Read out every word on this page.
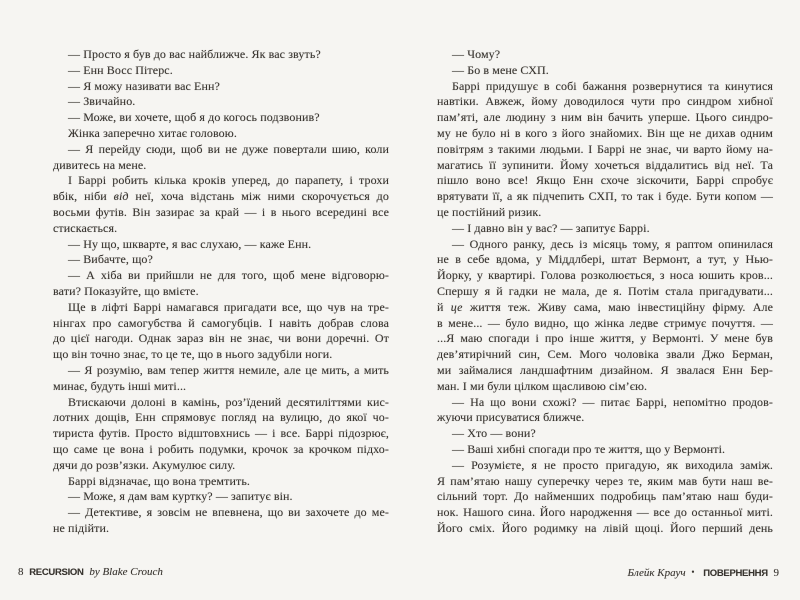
— Просто я був до вас найближче. Як вас звуть?
— Енн Восс Пітерс.
— Я можу називати вас Енн?
— Звичайно.
— Може, ви хочете, щоб я до когось подзвонив?
Жінка заперечно хитає головою.
— Я перейду сюди, щоб ви не дуже повертали шию, коли
дивитесь на мене.
І Баррі робить кілька кроків уперед, до парапету, і трохи
вбік, ніби від неї, хоча відстань між ними скорочується до
восьми футів. Він зазирає за край — і в нього всередині все
стискається.
— Ну що, шкварте, я вас слухаю, — каже Енн.
— Вибачте, що?
— А хіба ви прийшли не для того, щоб мене відговорю-
вати? Показуйте, що вмієте.
Ще в ліфті Баррі намагався пригадати все, що чув на тре-
нінгах про самогубства й самогубців. І навіть добрав слова
до цієї нагоди. Однак зараз він не знає, чи вони доречні. От
що він точно знає, то це те, що в нього задубіли ноги.
— Я розумію, вам тепер життя немиле, але це мить, а мить
минає, будуть інші миті...
Втискаючи долоні в камінь, роз’їдений десятиліттями кис-
лотних дощів, Енн спрямовує погляд на вулицю, до якої чо-
тириста футів. Просто відштовхнись — і все. Баррі підозрює,
що саме це вона і робить подумки, крочок за крочком підхо-
дячи до розв’язки. Акумулює силу.
Баррі відзначає, що вона тремтить.
— Може, я дам вам куртку? — запитує він.
— Детективе, я зовсім не впевнена, що ви захочете до ме-
не підійти.
— Чому?
— Бо в мене СХП.
Баррі придушує в собі бажання розвернутися та кинутися
навтіки. Авжеж, йому доводилося чути про синдром хибної
пам’яті, але людину з ним він бачить уперше. Цього синдро-
му не було ні в кого з його знайомих. Він ще не дихав одним
повітрям з такими людьми. І Баррі не знає, чи варто йому на-
магатись її зупинити. Йому хочеться віддалитись від неї. Та
пішло воно все! Якщо Енн схоче зіскочити, Баррі спробує
врятувати її, а як підчепить СХП, то так і буде. Бути копом —
це постійний ризик.
— І давно він у вас? — запитує Баррі.
— Одного ранку, десь із місяць тому, я раптом опинилася
не в себе вдома, у Міддлбері, штат Вермонт, а тут, у Нью-
Йорку, у квартирі. Голова розколюється, з носа юшить кров...
Спершу я й гадки не мала, де я. Потім стала пригадувати...
й це життя теж. Живу сама, маю інвестиційну фірму. Але
в мене... — було видно, що жінка ледве стримує почуття. —
...Я маю спогади і про інше життя, у Вермонті. У мене був
дев’ятирічний син, Сем. Мого чоловіка звали Джо Берман,
ми займалися ландшафтним дизайном. Я звалася Енн Бер-
ман. І ми були цілком щасливою сім’єю.
— На що вони схожі? — питає Баррі, непомітно продов-
жуючи присуватися ближче.
— Хто — вони?
— Ваші хибні спогади про те життя, що у Вермонті.
— Розумієте, я не просто пригадую, як виходила заміж.
Я пам’ятаю нашу суперечку через те, яким мав бути наш ве-
сільний торт. До найменших подробиць пам’ятаю наш буди-
нок. Нашого сина. Його народження — все до останньої миті.
Його сміх. Його родимку на лівій щоці. Його перший день
8 RECURSION by Blake Crouch	Блейк Крауч • ПОВЕРНЕННЯ 9
